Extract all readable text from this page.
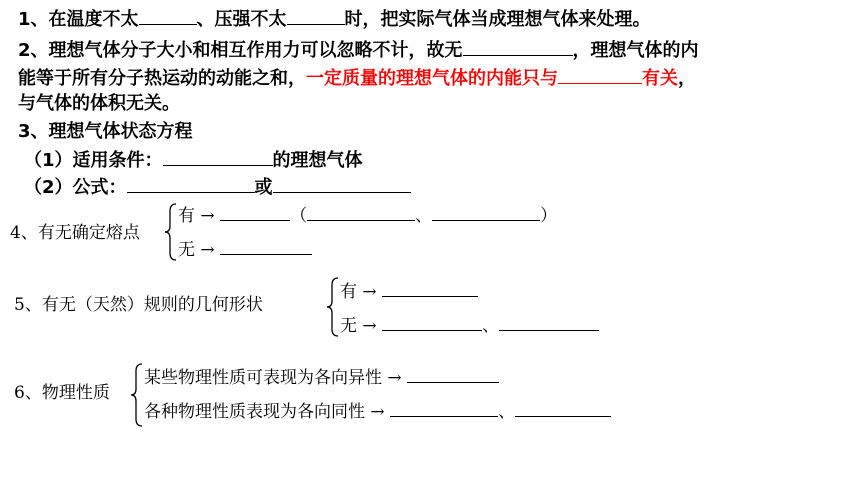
1、在温度不太	、压强不太	时，把实际气体当成理想气体来处理。
2、理想气体分子大小和相互作用力可以忽略不计，故无	，理想气体的内
能等于所有分子热运动的动能之和，一定质量的理想气体的内能只与	有关，
与气体的体积无关。
3、理想气体状态方程
（1）适用条件：	的理想气体
（2）公式：	或
4、有无确定熔点
有 →	（	、	）
无 →
5、有无（天然）规则的几何形状
有 →
无 →	、
6、物理性质
某些物理性质可表现为各向异性 →
各种物理性质表现为各向同性 →	、
